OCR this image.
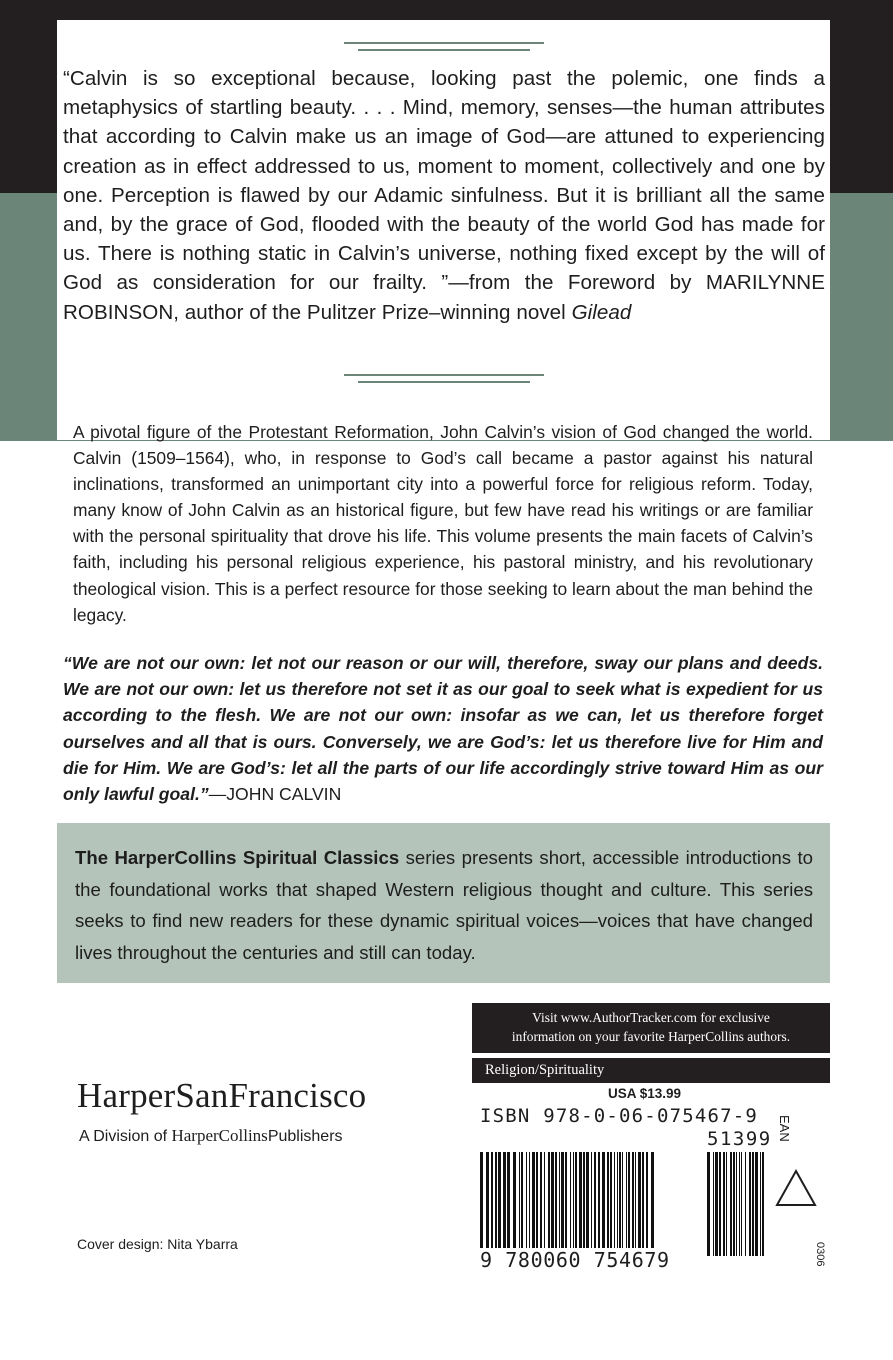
“Calvin is so exceptional because, looking past the polemic, one finds a metaphysics of startling beauty. . . . Mind, memory, senses—the human attributes that according to Calvin make us an image of God—are attuned to experiencing creation as in effect addressed to us, moment to moment, collectively and one by one. Perception is flawed by our Adamic sinfulness. But it is brilliant all the same and, by the grace of God, flooded with the beauty of the world God has made for us. There is nothing static in Calvin’s universe, nothing fixed except by the will of God as consideration for our frailty. ”—from the Foreword by MARILYNNE ROBINSON, author of the Pulitzer Prize–winning novel Gilead

A pivotal figure of the Protestant Reformation, John Calvin’s vision of God changed the world. Calvin (1509–1564), who, in response to God’s call became a pastor against his natural inclinations, transformed an unimportant city into a powerful force for religious reform. Today, many know of John Calvin as an historical figure, but few have read his writings or are familiar with the personal spirituality that drove his life. This volume presents the main facets of Calvin’s faith, including his personal religious experience, his pastoral ministry, and his revolutionary theological vision. This is a perfect resource for those seeking to learn about the man behind the legacy.

“We are not our own: let not our reason or our will, therefore, sway our plans and deeds. We are not our own: let us therefore not set it as our goal to seek what is expedient for us according to the flesh. We are not our own: insofar as we can, let us therefore forget ourselves and all that is ours. Conversely, we are God’s: let us therefore live for Him and die for Him. We are God’s: let all the parts of our life accordingly strive toward Him as our only lawful goal.”—JOHN CALVIN

The HarperCollins Spiritual Classics series presents short, accessible introductions to the foundational works that shaped Western religious thought and culture. This series seeks to find new readers for these dynamic spiritual voices—voices that have changed lives throughout the centuries and still can today.

HarperSanFrancisco

A Division of HarperCollinsPublishers

Cover design: Nita Ybarra

Visit www.AuthorTracker.com for exclusive
information on your favorite HarperCollins authors.
Religion/Spirituality

USA $13.99

ISBN 978-0-06-075467-9

51399 EAN

9 780060 754679	0306
